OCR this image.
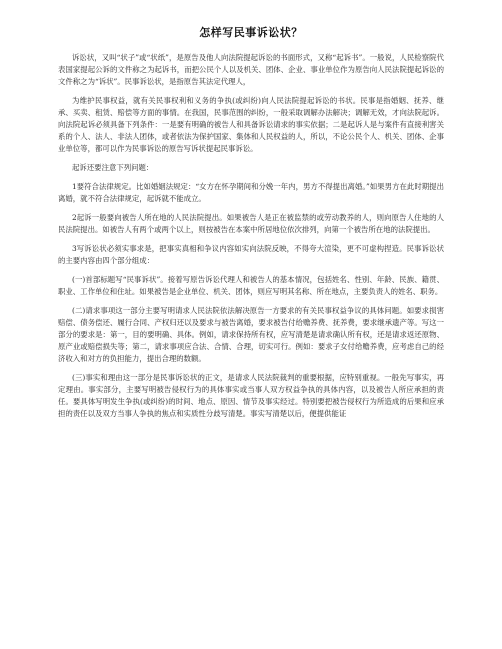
怎样写民事诉讼状？

诉讼状，又叫“状子”或“状纸”，是原告及他人向法院提起诉讼的书面形式，又称“起诉书”。一般说，人民检察院代表国家提起公诉的文件称之为起诉书，而把公民个人以及机关、团体、企业、事业单位作为原告向人民法院提起诉讼的文件称之为“诉状”。民事诉讼状，是指原告其法定代理人，

为维护民事权益，就有关民事权利和义务的争执(或纠纷)向人民法院提起诉讼的书状。民事是指婚姻、抚养、继承、买卖、租赁、赔偿等方面的事情。在我国，民事范围的纠纷，一般采取调解办法解决；调解无效，才向法院起诉。向法院起诉必须具备下列条件：一是要有明确的被告人和具备诉讼请求的事实依据；二是起诉人是与案件有直接利害关系的个人、法人、非法人团体，或者依法为保护国家、集体和人民权益的人，所以，不论公民个人、机关、团体、企事业单位等，都可以作为民事诉讼的原告写诉状提起民事诉讼。

起诉还要注意下列问题：

1要符合法律规定。比如婚姻法规定：“女方在怀孕期间和分娩一年内，男方不得提出离婚。”如果男方在此时期提出离婚，就不符合法律规定，起诉就不能成立。

2起诉一般要向被告人所在地的人民法院提出。如果被告人是正在被监禁的或劳动教养的人，则向原告人住地的人民法院提出。如被告人有两个或两个以上，则按被告在本案中所居地位依次排列，向第一个被告所在地的法院提出。

3写诉讼状必须实事求是，把事实真相和争议内容如实向法院反映，不得夸大渲染，更不可虚构捏造。民事诉讼状的主要内容由四个部分组成：

(一)首部标题写“民事诉状”。接着写原告诉讼代理人和被告人的基本情况，包括姓名、性别、年龄、民族、籍贯、职业、工作单位和住址。如果被告是企业单位、机关、团体，则应写明其名称、所在地点，主要负责人的姓名、职务。

(二)请求事项这一部分主要写明请求人民法院依法解决原告一方要求的有关民事权益争议的具体问题。如要求损害赔偿、债务偿还、履行合同、产权归还以及要求与被告离婚，要求被告付给赡养费、抚养费，要求继承遗产等。写这一部分的要求是：第一，目的要明确、具体。例如，请求保持所有权，应写清楚是请求确认所有权，还是请求返还原物、原产业或赔偿损失等；第二，请求事项应合法、合情、合理，切实可行。例如：要求子女付给赡养费，应考虑自己的经济收入和对方的负担能力，提出合理的数额。

(三)事实和理由这一部分是民事诉讼状的正文，是请求人民法院裁判的重要根据，应特别重视。一般先写事实，再定理由。事实部分，主要写明被告侵权行为的具体事实或当事人双方权益争执的具体内容，以及被告人所应承担的责任。要具体写明发生争执(或纠纷)的时间、地点、原因、情节及事实经过。特别要把被告侵权行为所造成的后果和应承担的责任以及双方当事人争执的焦点和实质性分歧写清楚。事实写清楚以后，便提供能证
